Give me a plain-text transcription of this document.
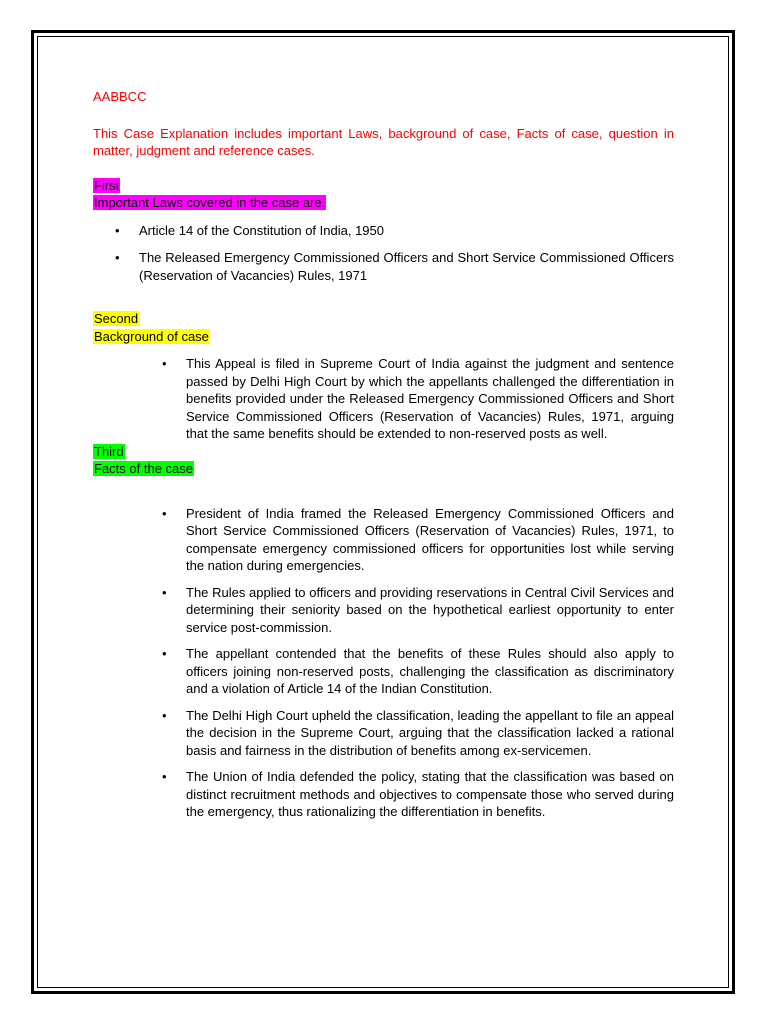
AABBCC

This Case Explanation includes important Laws, background of case, Facts of case, question in matter, judgment and reference cases.

First

Important Laws covered in the case are.

• Article 14 of the Constitution of India, 1950
• The Released Emergency Commissioned Officers and Short Service Commissioned Officers (Reservation of Vacancies) Rules, 1971

Second

Background of case

• This Appeal is filed in Supreme Court of India against the judgment and sentence passed by Delhi High Court by which the appellants challenged the differentiation in benefits provided under the Released Emergency Commissioned Officers and Short Service Commissioned Officers (Reservation of Vacancies) Rules, 1971, arguing that the same benefits should be extended to non-reserved posts as well.

Third

Facts of the case

• President of India framed the Released Emergency Commissioned Officers and Short Service Commissioned Officers (Reservation of Vacancies) Rules, 1971, to compensate emergency commissioned officers for opportunities lost while serving the nation during emergencies.
• The Rules applied to officers and providing reservations in Central Civil Services and determining their seniority based on the hypothetical earliest opportunity to enter service post-commission.
• The appellant contended that the benefits of these Rules should also apply to officers joining non-reserved posts, challenging the classification as discriminatory and a violation of Article 14 of the Indian Constitution.
• The Delhi High Court upheld the classification, leading the appellant to file an appeal the decision in the Supreme Court, arguing that the classification lacked a rational basis and fairness in the distribution of benefits among ex-servicemen.
• The Union of India defended the policy, stating that the classification was based on distinct recruitment methods and objectives to compensate those who served during the emergency, thus rationalizing the differentiation in benefits.
